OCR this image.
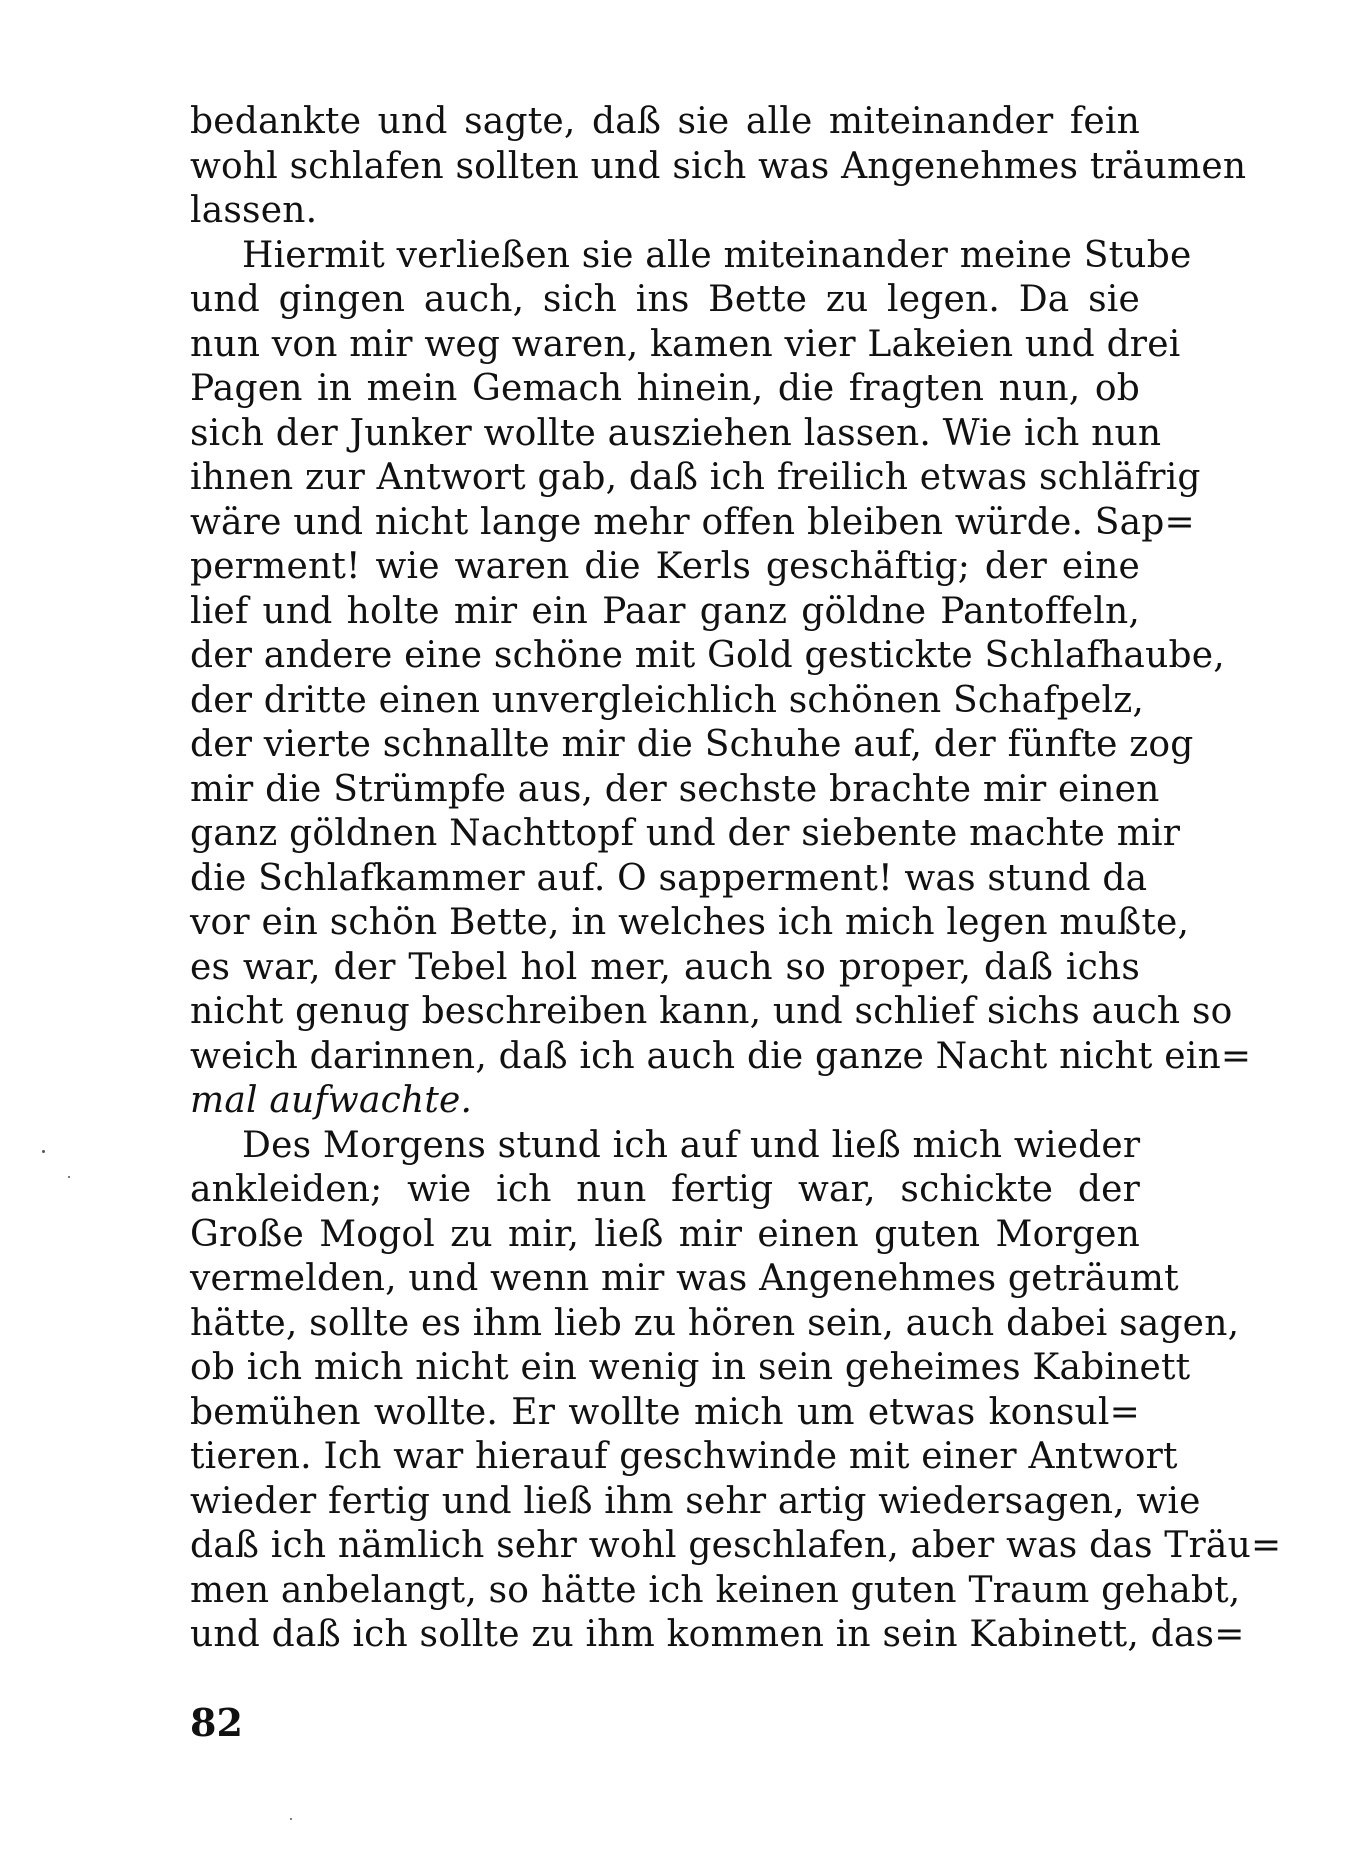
bedankte und sagte, daß sie alle miteinander fein
wohl schlafen sollten und sich was Angenehmes träumen
lassen.
Hiermit verließen sie alle miteinander meine Stube
und gingen auch, sich ins Bette zu legen. Da sie
nun von mir weg waren, kamen vier Lakeien und drei
Pagen in mein Gemach hinein, die fragten nun, ob
sich der Junker wollte ausziehen lassen. Wie ich nun
ihnen zur Antwort gab, daß ich freilich etwas schläfrig
wäre und nicht lange mehr offen bleiben würde. Sap=
perment! wie waren die Kerls geschäftig; der eine
lief und holte mir ein Paar ganz göldne Pantoffeln,
der andere eine schöne mit Gold gestickte Schlafhaube,
der dritte einen unvergleichlich schönen Schafpelz,
der vierte schnallte mir die Schuhe auf, der fünfte zog
mir die Strümpfe aus, der sechste brachte mir einen
ganz göldnen Nachttopf und der siebente machte mir
die Schlafkammer auf. O sapperment! was stund da
vor ein schön Bette, in welches ich mich legen mußte,
es war, der Tebel hol mer, auch so proper, daß ichs
nicht genug beschreiben kann, und schlief sichs auch so
weich darinnen, daß ich auch die ganze Nacht nicht ein=
mal aufwachte.
Des Morgens stund ich auf und ließ mich wieder
ankleiden; wie ich nun fertig war, schickte der
Große Mogol zu mir, ließ mir einen guten Morgen
vermelden, und wenn mir was Angenehmes geträumt
hätte, sollte es ihm lieb zu hören sein, auch dabei sagen,
ob ich mich nicht ein wenig in sein geheimes Kabinett
bemühen wollte. Er wollte mich um etwas konsul=
tieren. Ich war hierauf geschwinde mit einer Antwort
wieder fertig und ließ ihm sehr artig wiedersagen, wie
daß ich nämlich sehr wohl geschlafen, aber was das Träu=
men anbelangt, so hätte ich keinen guten Traum gehabt,
und daß ich sollte zu ihm kommen in sein Kabinett, das=
82
